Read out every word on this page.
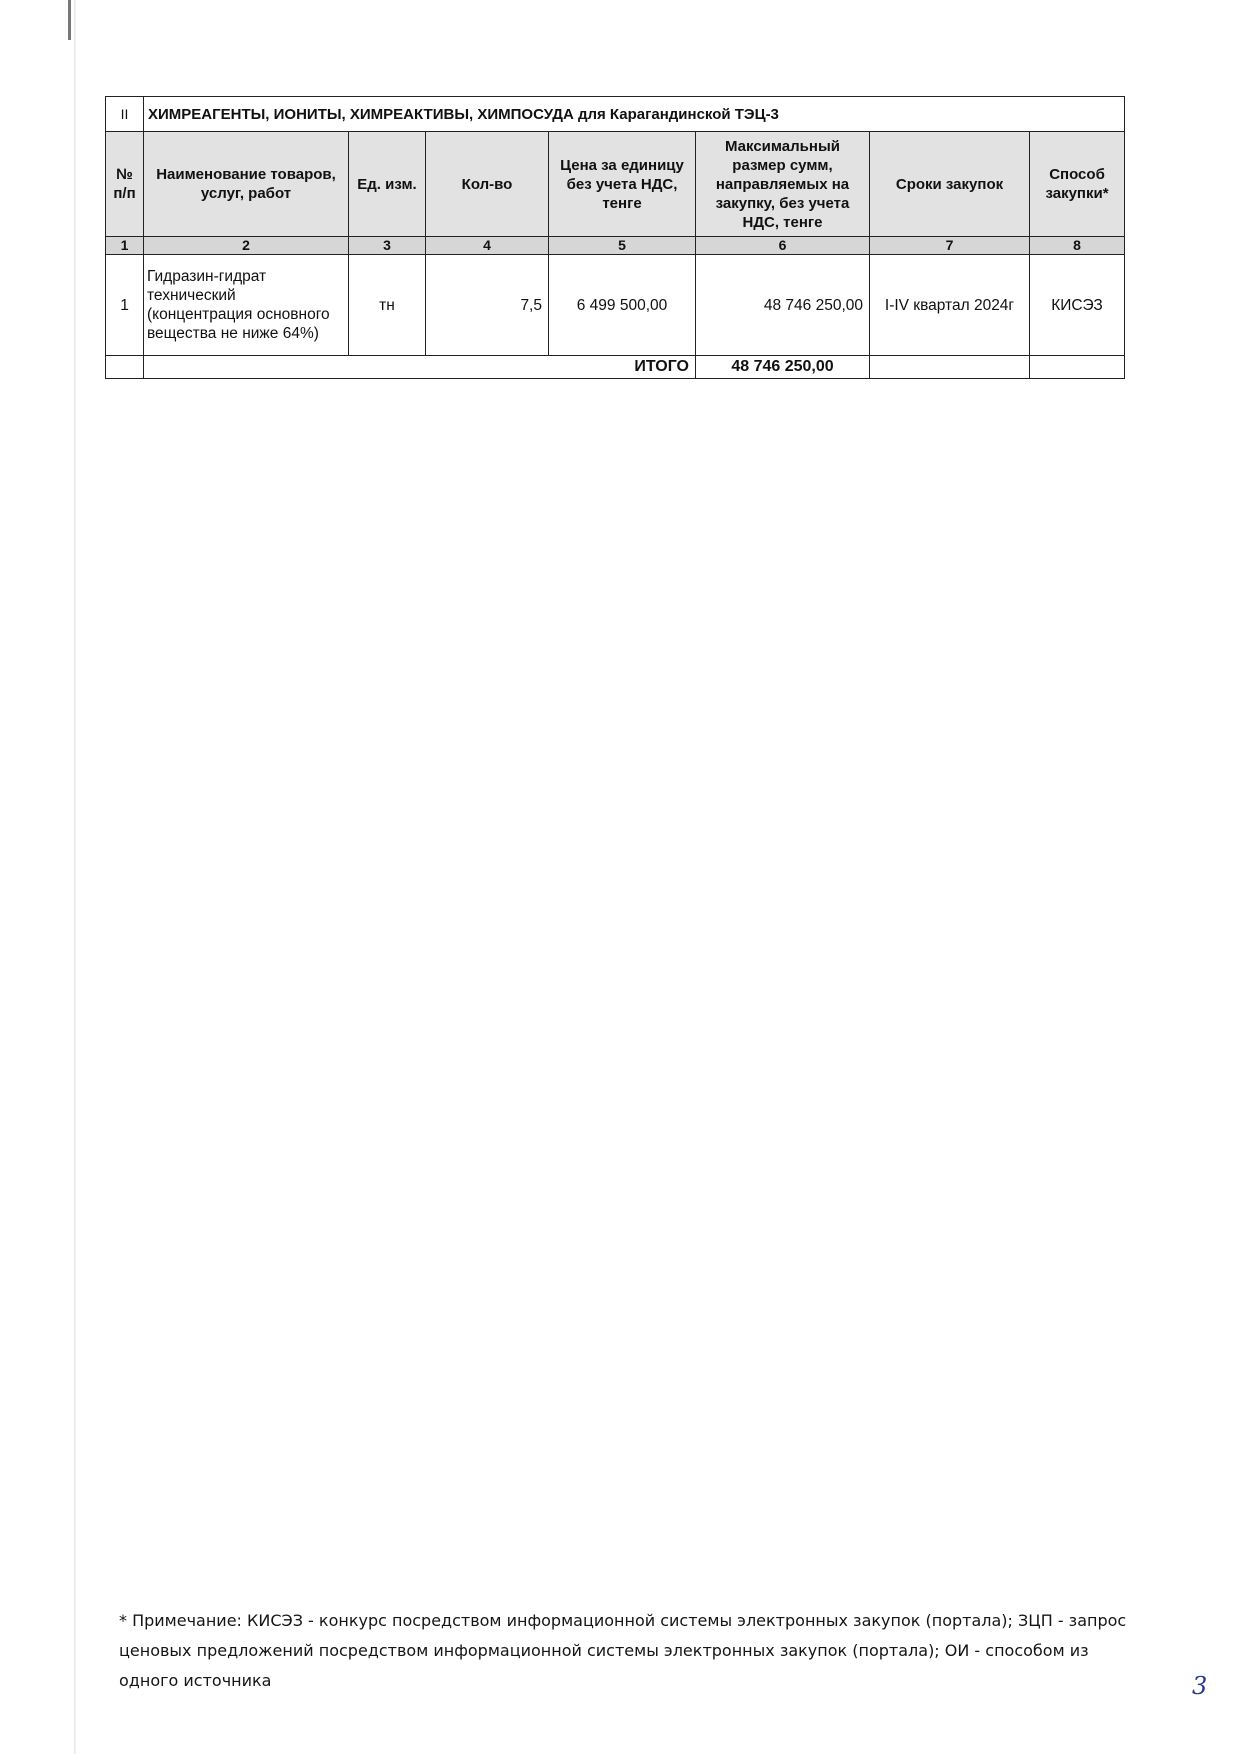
II	ХИМРЕАГЕНТЫ, ИОНИТЫ, ХИМРЕАКТИВЫ, ХИМПОСУДА для Карагандинской ТЭЦ-3						
№ п/п	Наименование товаров, услуг, работ	Ед. изм.	Кол-во	Цена за единицу без учета НДС, тенге	Максимальный размер сумм, направляемых на закупку, без учета НДС, тенге	Сроки закупок	Способ закупки*
1	2	3	4	5	6	7	8
1	Гидразин-гидрат технический (концентрация основного вещества не ниже 64%)	тн	7,5	6 499 500,00	48 746 250,00	I-IV квартал 2024г	КИСЭЗ
	ИТОГО				48 746 250,00		
* Примечание: КИСЭЗ - конкурс посредством информационной системы электронных закупок (портала); ЗЦП - запрос ценовых предложений посредством информационной системы электронных закупок (портала); ОИ - способом из одного источника	3
